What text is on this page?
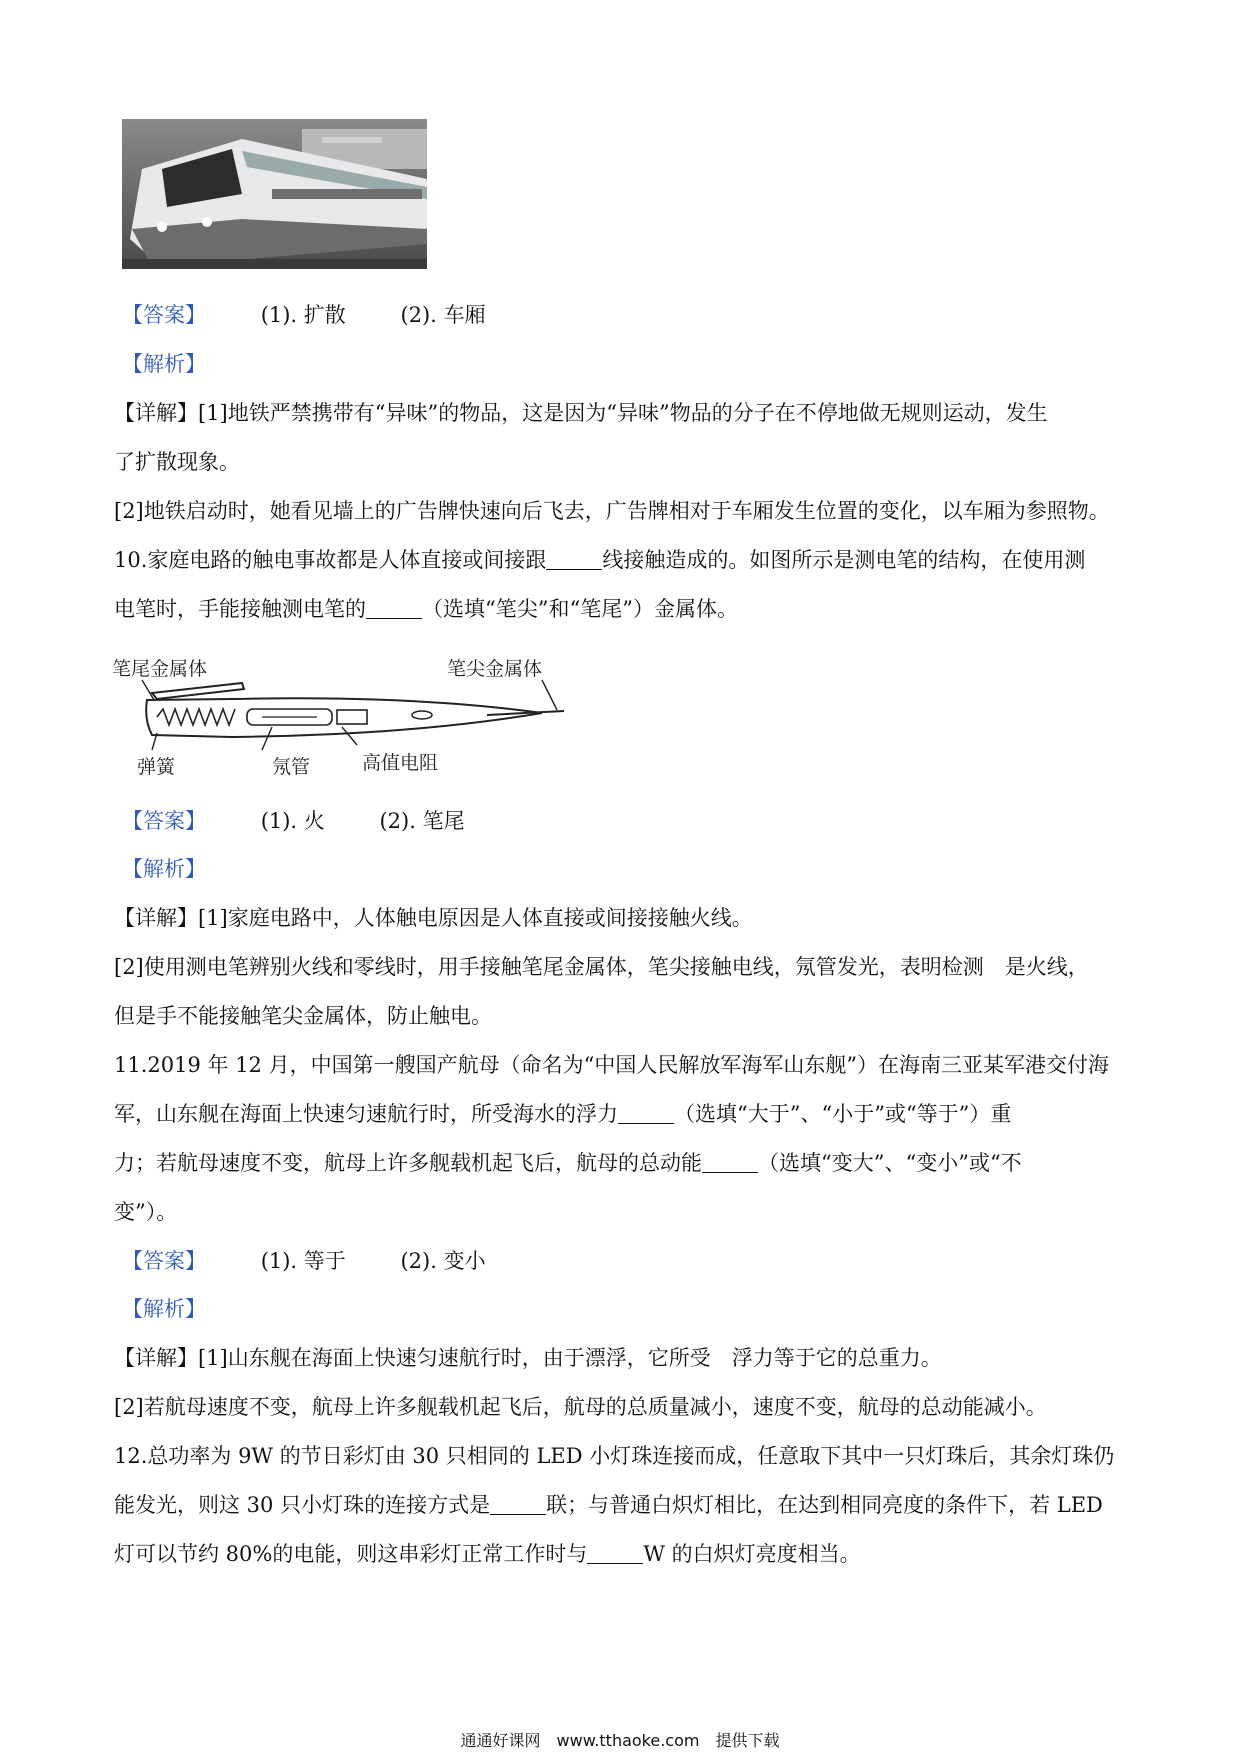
【答案】	(1). 扩散	(2). 车厢
【解析】
【详解】[1]地铁严禁携带有“异味”的物品，这是因为“异味”物品的分子在不停地做无规则运动，发生
了扩散现象。
[2]地铁启动时，她看见墙上的广告牌快速向后飞去，广告牌相对于车厢发生位置的变化，以车厢为参照物。
10.家庭电路的触电事故都是人体直接或间接跟	线接触造成的。如图所示是测电笔的结构，在使用测
电笔时，手能接触测电笔的	（选填“笔尖”和“笔尾”）金属体。
笔尾金属体	笔尖金属体
弹簧	氖管	高值电阻
【答案】	(1). 火	(2). 笔尾
【解析】
【详解】[1]家庭电路中，人体触电原因是人体直接或间接接触火线。
[2]使用测电笔辨别火线和零线时，用手接触笔尾金属体，笔尖接触电线，氖管发光，表明检测　是火线，
但是手不能接触笔尖金属体，防止触电。
11.2019 年 12 月，中国第一艘国产航母（命名为“中国人民解放军海军山东舰”）在海南三亚某军港交付海
军，山东舰在海面上快速匀速航行时，所受海水的浮力	（选填“大于”、“小于”或“等于”）重
力；若航母速度不变，航母上许多舰载机起飞后，航母的总动能	（选填“变大”、“变小”或“不
变”）。
【答案】	(1). 等于	(2). 变小
【解析】
【详解】[1]山东舰在海面上快速匀速航行时，由于漂浮，它所受　浮力等于它的总重力。
[2]若航母速度不变，航母上许多舰载机起飞后，航母的总质量减小，速度不变，航母的总动能减小。
12.总功率为 9W 的节日彩灯由 30 只相同的 LED 小灯珠连接而成，任意取下其中一只灯珠后，其余灯珠仍
能发光，则这 30 只小灯珠的连接方式是	联；与普通白炽灯相比，在达到相同亮度的条件下，若 LED
灯可以节约 80%的电能，则这串彩灯正常工作时与	W 的白炽灯亮度相当。
通通好课网　www.tthaoke.com　提供下载
